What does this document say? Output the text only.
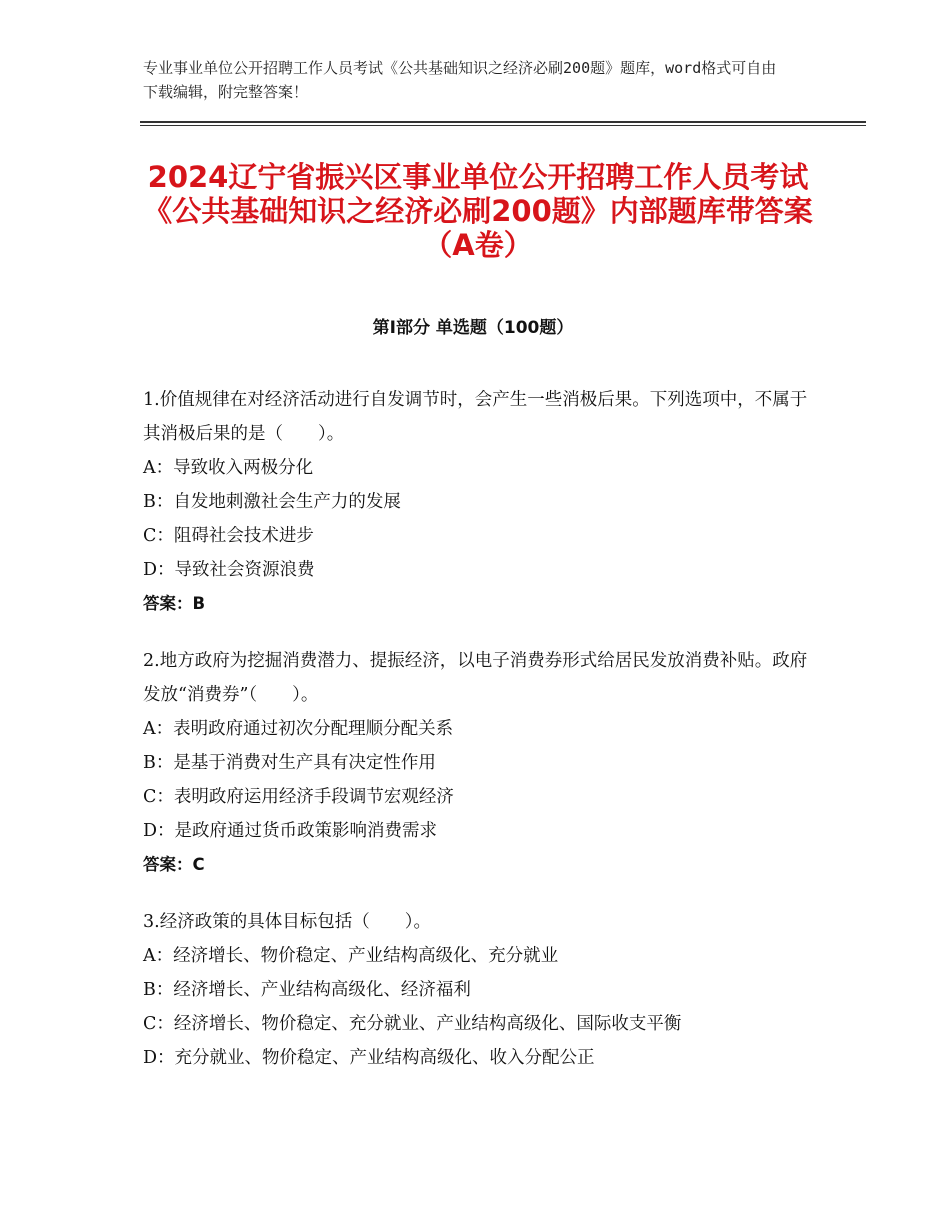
专业事业单位公开招聘工作人员考试《公共基础知识之经济必刷200题》题库，word格式可自由下载编辑，附完整答案！
2024辽宁省振兴区事业单位公开招聘工作人员考试《公共基础知识之经济必刷200题》内部题库带答案（A卷）
第Ⅰ部分 单选题（100题）

1.价值规律在对经济活动进行自发调节时，会产生一些消极后果。下列选项中，不属于其消极后果的是（　　）。

A：导致收入两极分化

B：自发地刺激社会生产力的发展

C：阻碍社会技术进步

D：导致社会资源浪费

答案：B

2.地方政府为挖掘消费潜力、提振经济，以电子消费券形式给居民发放消费补贴。政府发放“消费券”（　　）。

A：表明政府通过初次分配理顺分配关系

B：是基于消费对生产具有决定性作用

C：表明政府运用经济手段调节宏观经济

D：是政府通过货币政策影响消费需求

答案：C

3.经济政策的具体目标包括（　　）。

A：经济增长、物价稳定、产业结构高级化、充分就业

B：经济增长、产业结构高级化、经济福利

C：经济增长、物价稳定、充分就业、产业结构高级化、国际收支平衡

D：充分就业、物价稳定、产业结构高级化、收入分配公正
